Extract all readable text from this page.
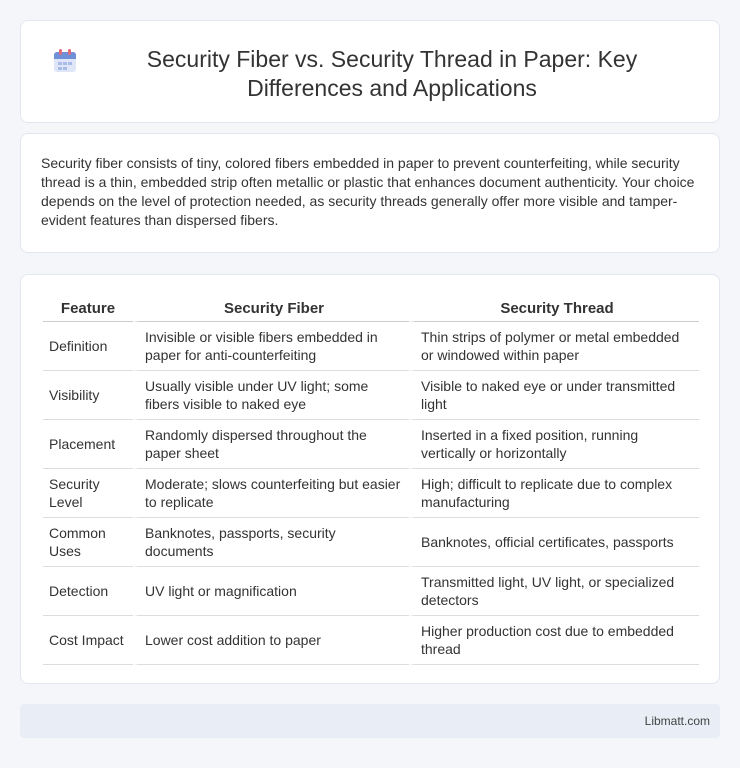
Security Fiber vs. Security Thread in Paper: Key Differences and Applications

Security fiber consists of tiny, colored fibers embedded in paper to prevent counterfeiting, while security thread is a thin, embedded strip often metallic or plastic that enhances document authenticity. Your choice depends on the level of protection needed, as security threads generally offer more visible and tamper-evident features than dispersed fibers.

Feature	Security Fiber	Security Thread
Definition	Invisible or visible fibers embedded in paper for anti-counterfeiting	Thin strips of polymer or metal embedded or windowed within paper
Visibility	Usually visible under UV light; some fibers visible to naked eye	Visible to naked eye or under transmitted light
Placement	Randomly dispersed throughout the paper sheet	Inserted in a fixed position, running vertically or horizontally
Security Level	Moderate; slows counterfeiting but easier to replicate	High; difficult to replicate due to complex manufacturing
Common Uses	Banknotes, passports, security documents	Banknotes, official certificates, passports
Detection	UV light or magnification	Transmitted light, UV light, or specialized detectors
Cost Impact	Lower cost addition to paper	Higher production cost due to embedded thread
Libmatt.com
